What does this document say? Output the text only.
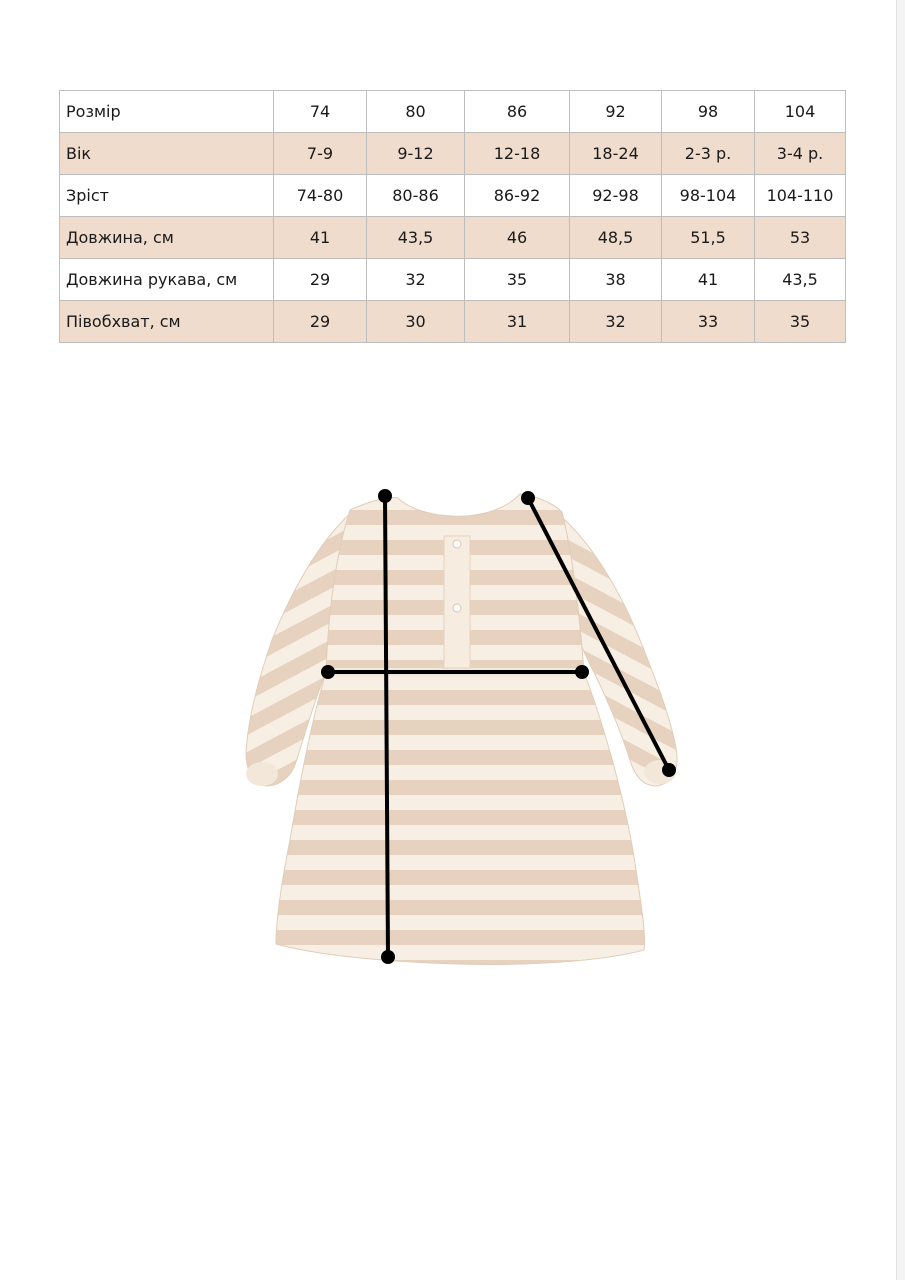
Розмір	74	80	86	92	98	104
Вік	7-9	9-12	12-18	18-24	2-3 р.	3-4 р.
Зріст	74-80	80-86	86-92	92-98	98-104	104-110
Довжина, см	41	43,5	46	48,5	51,5	53
Довжина рукава, см	29	32	35	38	41	43,5
Півобхват, см	29	30	31	32	33	35
